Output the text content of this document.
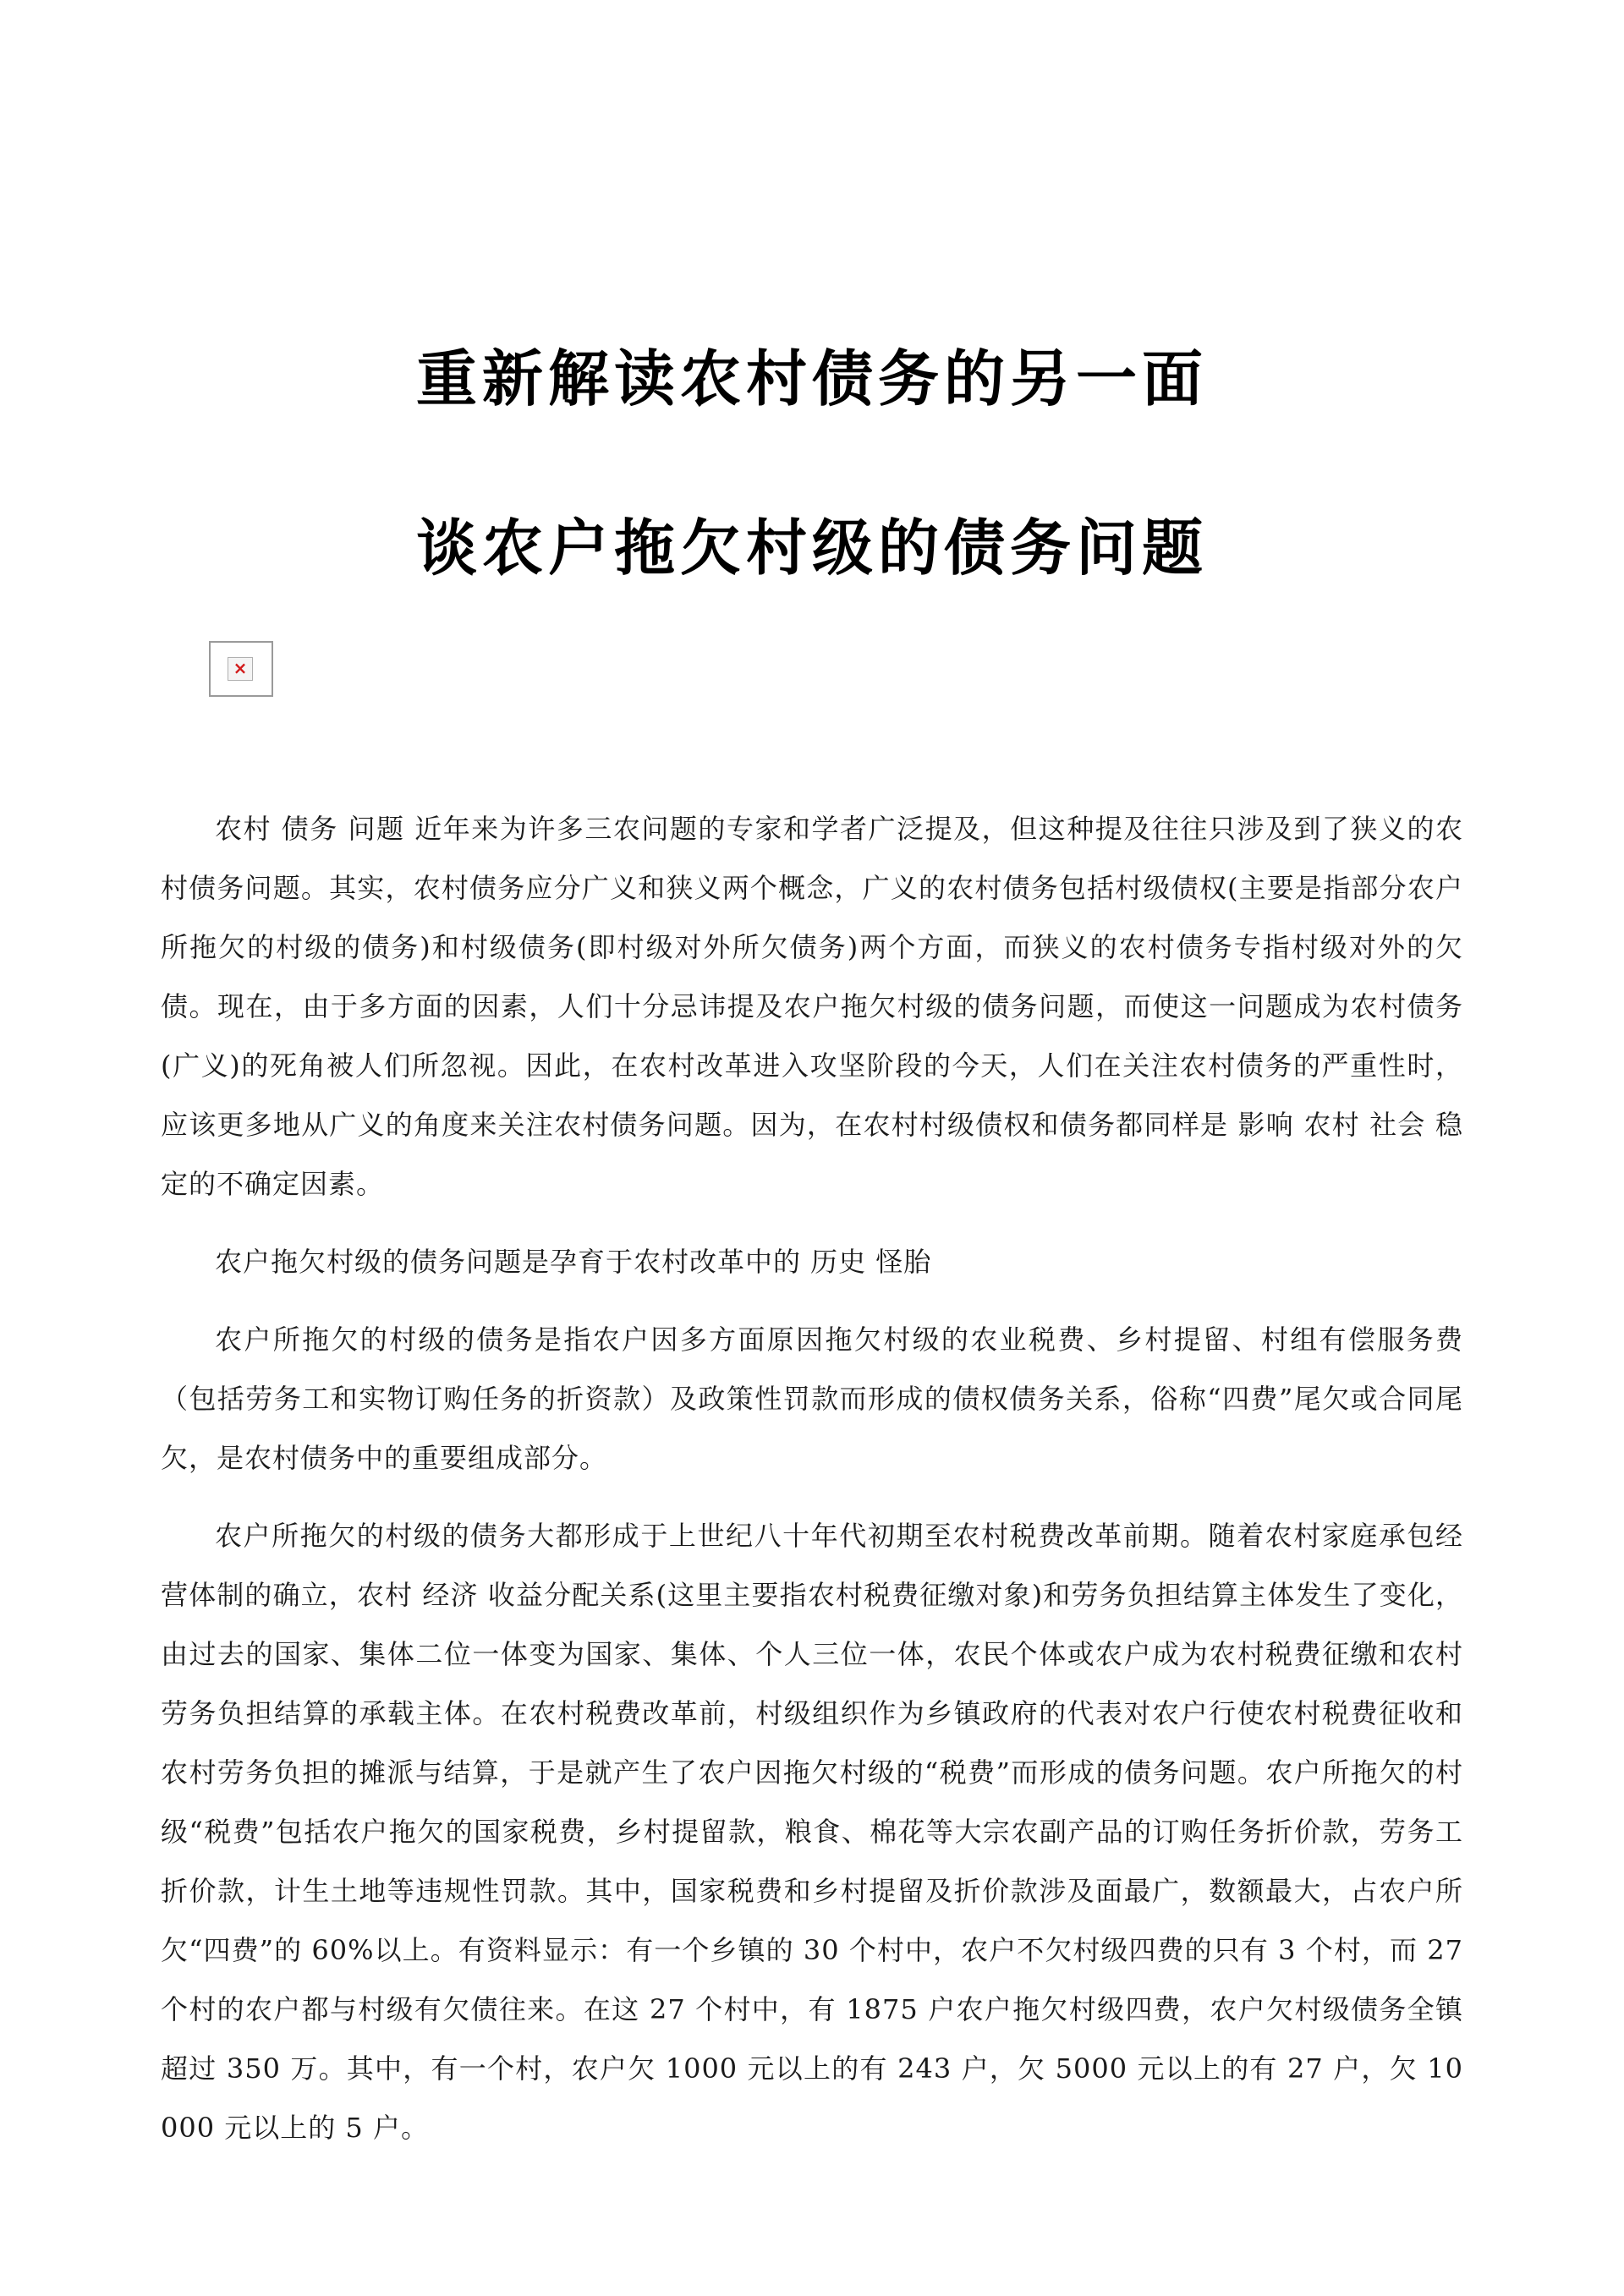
重新解读农村债务的另一面
谈农户拖欠村级的债务问题
×

农村 债务 问题 近年来为许多三农问题的专家和学者广泛提及，但这种提及往往只涉及到了狭义的农村债务问题。其实，农村债务应分广义和狭义两个概念，广义的农村债务包括村级债权(主要是指部分农户所拖欠的村级的债务)和村级债务(即村级对外所欠债务)两个方面，而狭义的农村债务专指村级对外的欠债。现在，由于多方面的因素，人们十分忌讳提及农户拖欠村级的债务问题，而使这一问题成为农村债务(广义)的死角被人们所忽视。因此，在农村改革进入攻坚阶段的今天，人们在关注农村债务的严重性时，应该更多地从广义的角度来关注农村债务问题。因为，在农村村级债权和债务都同样是 影响 农村 社会 稳定的不确定因素。

农户拖欠村级的债务问题是孕育于农村改革中的 历史 怪胎

农户所拖欠的村级的债务是指农户因多方面原因拖欠村级的农业税费、乡村提留、村组有偿服务费（包括劳务工和实物订购任务的折资款）及政策性罚款而形成的债权债务关系，俗称“四费”尾欠或合同尾欠，是农村债务中的重要组成部分。

农户所拖欠的村级的债务大都形成于上世纪八十年代初期至农村税费改革前期。随着农村家庭承包经营体制的确立，农村 经济 收益分配关系(这里主要指农村税费征缴对象)和劳务负担结算主体发生了变化，由过去的国家、集体二位一体变为国家、集体、个人三位一体，农民个体或农户成为农村税费征缴和农村劳务负担结算的承载主体。在农村税费改革前，村级组织作为乡镇政府的代表对农户行使农村税费征收和农村劳务负担的摊派与结算，于是就产生了农户因拖欠村级的“税费”而形成的债务问题。农户所拖欠的村级“税费”包括农户拖欠的国家税费，乡村提留款，粮食、棉花等大宗农副产品的订购任务折价款，劳务工折价款，计生土地等违规性罚款。其中，国家税费和乡村提留及折价款涉及面最广，数额最大，占农户所欠“四费”的 60%以上。有资料显示：有一个乡镇的 30 个村中，农户不欠村级四费的只有 3 个村，而 27 个村的农户都与村级有欠债往来。在这 27 个村中，有 1875 户农户拖欠村级四费，农户欠村级债务全镇超过 350 万。其中，有一个村，农户欠 1000 元以上的有 243 户，欠 5000 元以上的有 27 户，欠 10000 元以上的 5 户。
